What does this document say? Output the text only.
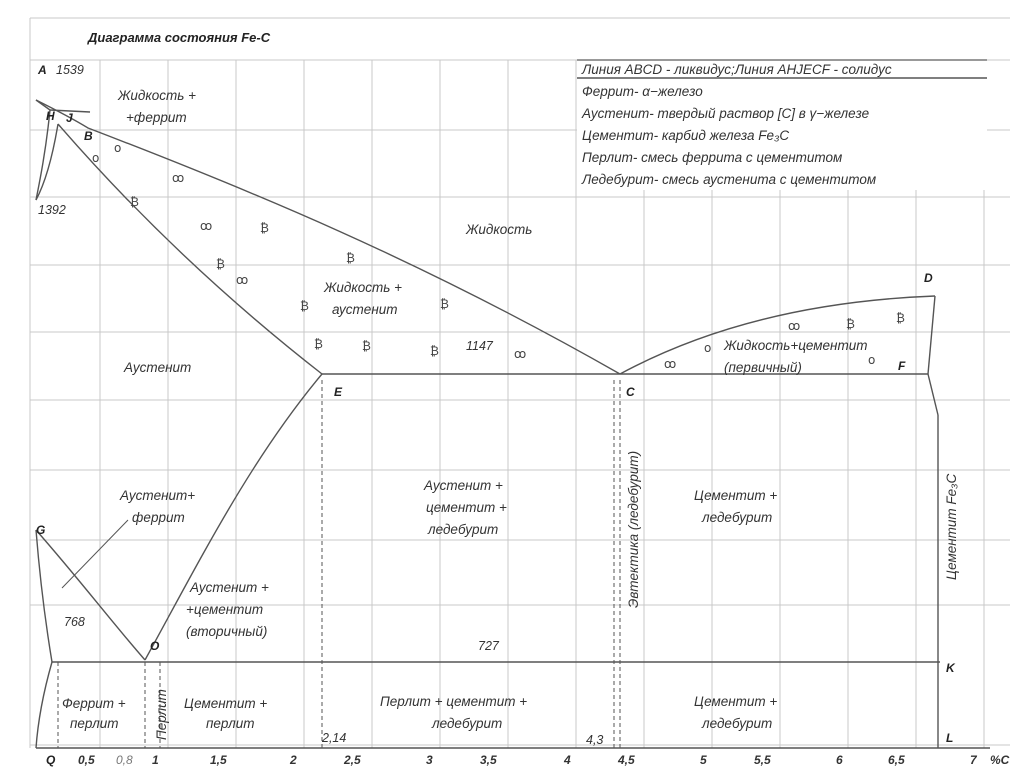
Линия ABCD - ликвидус;Линия AHJECF - солидус
Феррит- α−железо
Аустенит- твердый раствор [C] в γ−железе
Цементит- карбид железа Fe₃C
Перлит- смесь феррита с цементитом
Ледебурит- смесь аустенита с цементитом
Диаграмма состояния Fe-C
o
o
ꝏ
₿
ꝏ	₿
₿
ꝏ
₿
₿	₿
₿	₿	₿	ꝏ
ꝏ
o
ꝏ	₿	₿
o
A
H J
B
D
E	C
F
G
O
K
L
Q
1539
1392
1147
768
727
2,14	4,3
Жидкость +
+феррит
Жидкость
Жидкость +
аустенит
Жидкость+цементит
(первичный)
Аустенит
Аустенит+
феррит
Аустенит +
цементит +
ледебурит
Цементит +
ледебурит
Аустенит +
+цементит
(вторичный)
Феррит +
перлит
Цементит +
перлит
Перлит + цементит +
ледебурит
Цементит +
ледебурит
Перлит
Эвтектика (ледебурит)	Цементит Fe₃C
0,5 0,8 1	1,5	2	2,5	3	3,5	4	4,5	5	5,5	6	6,5	7 %C
